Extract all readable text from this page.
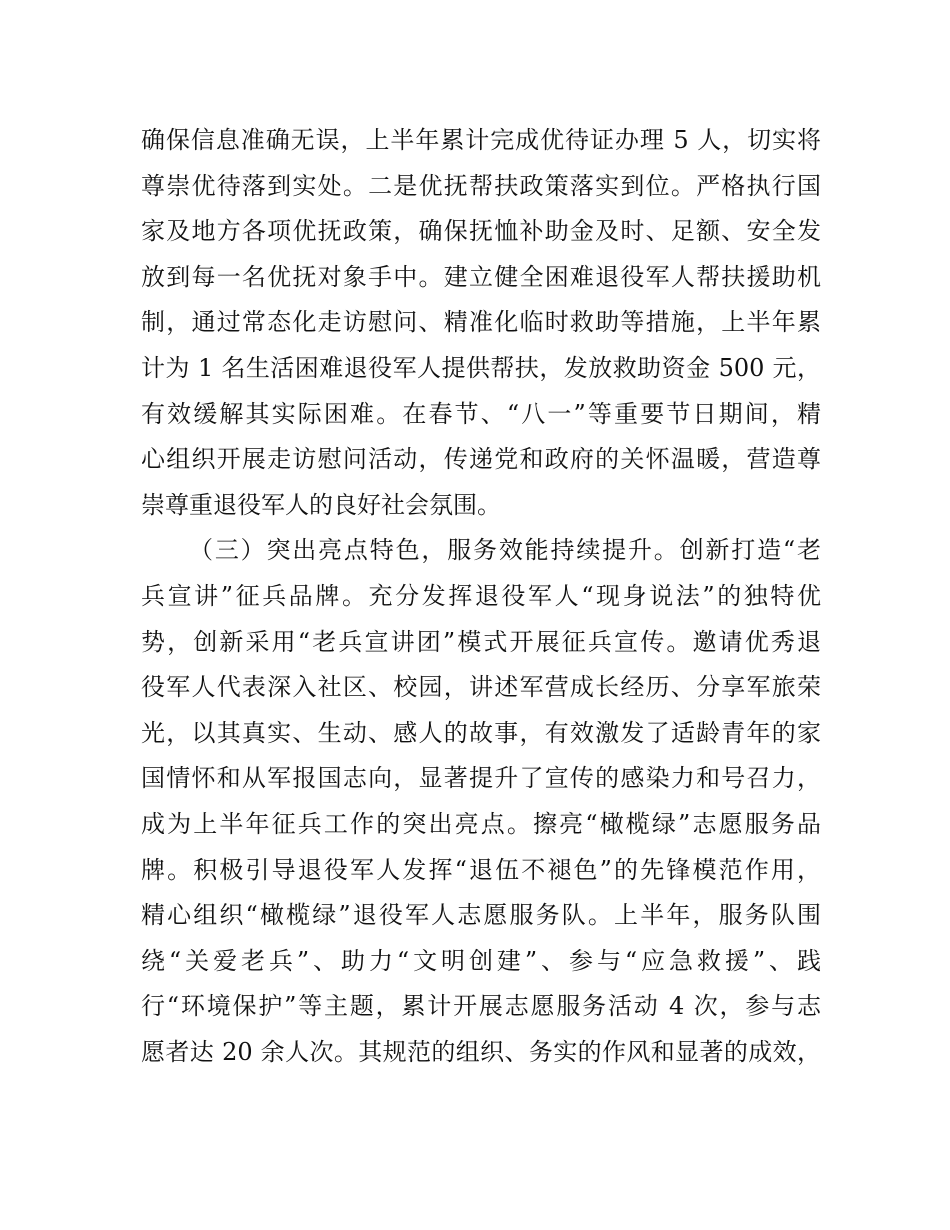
确保信息准确无误，上半年累计完成优待证办理 5 人，切实将
尊崇优待落到实处。二是优抚帮扶政策落实到位。严格执行国
家及地方各项优抚政策，确保抚恤补助金及时、足额、安全发
放到每一名优抚对象手中。建立健全困难退役军人帮扶援助机
制，通过常态化走访慰问、精准化临时救助等措施，上半年累
计为 1 名生活困难退役军人提供帮扶，发放救助资金 500 元，
有效缓解其实际困难。在春节、“八一”等重要节日期间，精
心组织开展走访慰问活动，传递党和政府的关怀温暖，营造尊
崇尊重退役军人的良好社会氛围。
（三）突出亮点特色，服务效能持续提升。创新打造“老
兵宣讲”征兵品牌。充分发挥退役军人“现身说法”的独特优
势，创新采用“老兵宣讲团”模式开展征兵宣传。邀请优秀退
役军人代表深入社区、校园，讲述军营成长经历、分享军旅荣
光，以其真实、生动、感人的故事，有效激发了适龄青年的家
国情怀和从军报国志向，显著提升了宣传的感染力和号召力，
成为上半年征兵工作的突出亮点。擦亮“橄榄绿”志愿服务品
牌。积极引导退役军人发挥“退伍不褪色”的先锋模范作用，
精心组织“橄榄绿”退役军人志愿服务队。上半年，服务队围
绕“关爱老兵”、助力“文明创建”、参与“应急救援”、践
行“环境保护”等主题，累计开展志愿服务活动 4 次，参与志
愿者达 20 余人次。其规范的组织、务实的作风和显著的成效，
